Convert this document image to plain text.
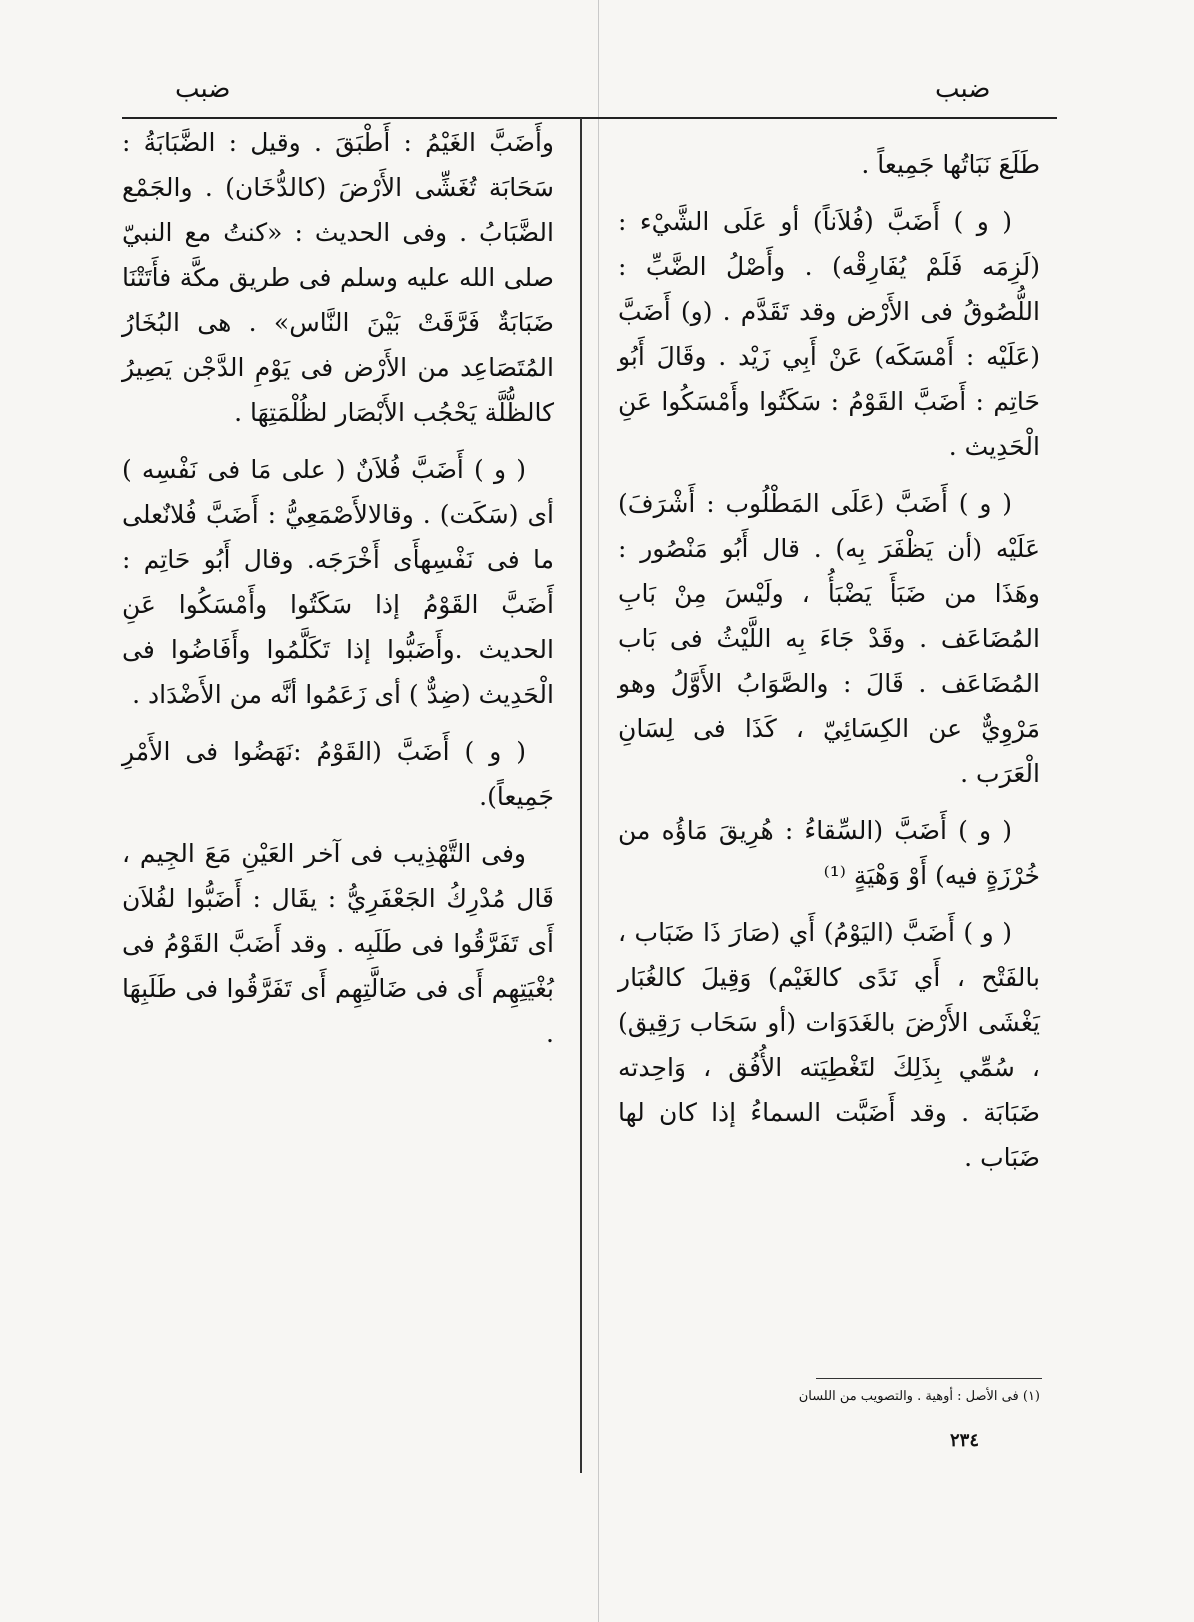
ضبب
ضبب

طَلَعَ نَبَاتُها جَمِيعاً .

( و ) أَضَبَّ (فُلاَناً) أو عَلَى الشَّيْء : (لَزِمَه فَلَمْ يُفَارِقْه) . وأَصْلُ الضَّبِّ : اللُّصُوقُ فى الأَرْض وقد تَقَدَّم . (و) أَضَبَّ (عَلَيْه : أَمْسَكَه) عَنْ أَبِي زَيْد . وقَالَ أَبُو حَاتِم : أَضَبَّ القَوْمُ : سَكَتُوا وأَمْسَكُوا عَنِ الْحَدِيث .

( و ) أَضَبَّ (عَلَى المَطْلُوب : أَشْرَفَ) عَلَيْه (أن يَظْفَرَ بِه) . قال أَبُو مَنْصُور : وهَذَا من ضَبَأَ يَضْبَأُ ، ولَيْسَ مِنْ بَابِ المُضَاعَف . وقَدْ جَاءَ بِه اللَّيْثُ فى بَاب المُضَاعَف . قَالَ : والصَّوَابُ الأَوَّلُ وهو مَرْوِيٌّ عن الكِسَائِيّ ، كَذَا فى لِسَانِ الْعَرَب .

( و ) أَضَبَّ (السِّقاءُ : هُرِيقَ مَاؤُه من خُرْزَةٍ فيه) أَوْ وَهْيَةٍ ⁽¹⁾

( و ) أَضَبَّ (اليَوْمُ) أَي (صَارَ ذَا ضَبَاب ، بالفَتْح ، أَي نَدًى كالغَيْم) وَقِيلَ كالغُبَار يَغْشَى الأَرْضَ بالغَدَوَات (أو سَحَاب رَقِيق) ، سُمِّي بِذَلِكَ لتَغْطِيَته الأُفُق ، وَاحِدته ضَبَابَة . وقد أَضَبَّت السماءُ إذا كان لها ضَبَاب .

وأَضَبَّ الغَيْمُ : أَطْبَقَ . وقيل : الضَّبَابَةُ : سَحَابَة تُغَشِّى الأَرْضَ (كالدُّخَان) . والجَمْع الضَّبَابُ . وفى الحديث : «كنتُ مع النبيّ صلى الله عليه وسلم فى طريق مكَّة فأَتَتْنَا ضَبَابَةٌ فَرَّقَتْ بَيْنَ النَّاس» . هى البُخَارُ المُتَصَاعِد من الأَرْض فى يَوْمِ الدَّجْن يَصِيرُ كالظُّلَّة يَحْجُب الأَبْصَار لظُلْمَتِهَا .

( و ) أَضَبَّ فُلاَنٌ ( على مَا فى نَفْسِه ) أى (سَكَت) . وقالالأَصْمَعِيُّ : أَضَبَّ فُلانٌعلى ما فى نَفْسِهأَى أَخْرَجَه. وقال أَبُو حَاتِم : أَضَبَّ القَوْمُ إذا سَكَتُوا وأَمْسَكُوا عَنِ الحديث .وأَضَبُّوا إذا تَكَلَّمُوا وأَفَاضُوا فى الْحَدِيث (ضِدٌّ ) أى زَعَمُوا أنَّه من الأَضْدَاد .

( و ) أَضَبَّ (القَوْمُ :نَهَضُوا فى الأَمْرِ جَمِيعاً).

وفى التَّهْذِيب فى آخر العَيْنِ مَعَ الجِيم ، قَال مُدْرِكُ الجَعْفَرِيُّ : يقَال : أَضَبُّوا لفُلاَن أَى تَفَرَّقُوا فى طَلَبِه . وقد أَضَبَّ القَوْمُ فى بُغْيَتِهِم أَى فى ضَالَّتِهِم أَى تَفَرَّقُوا فى طَلَبِهَا .

(١) فى الأصل : أوهية . والتصويب من اللسان
٢٣٤
